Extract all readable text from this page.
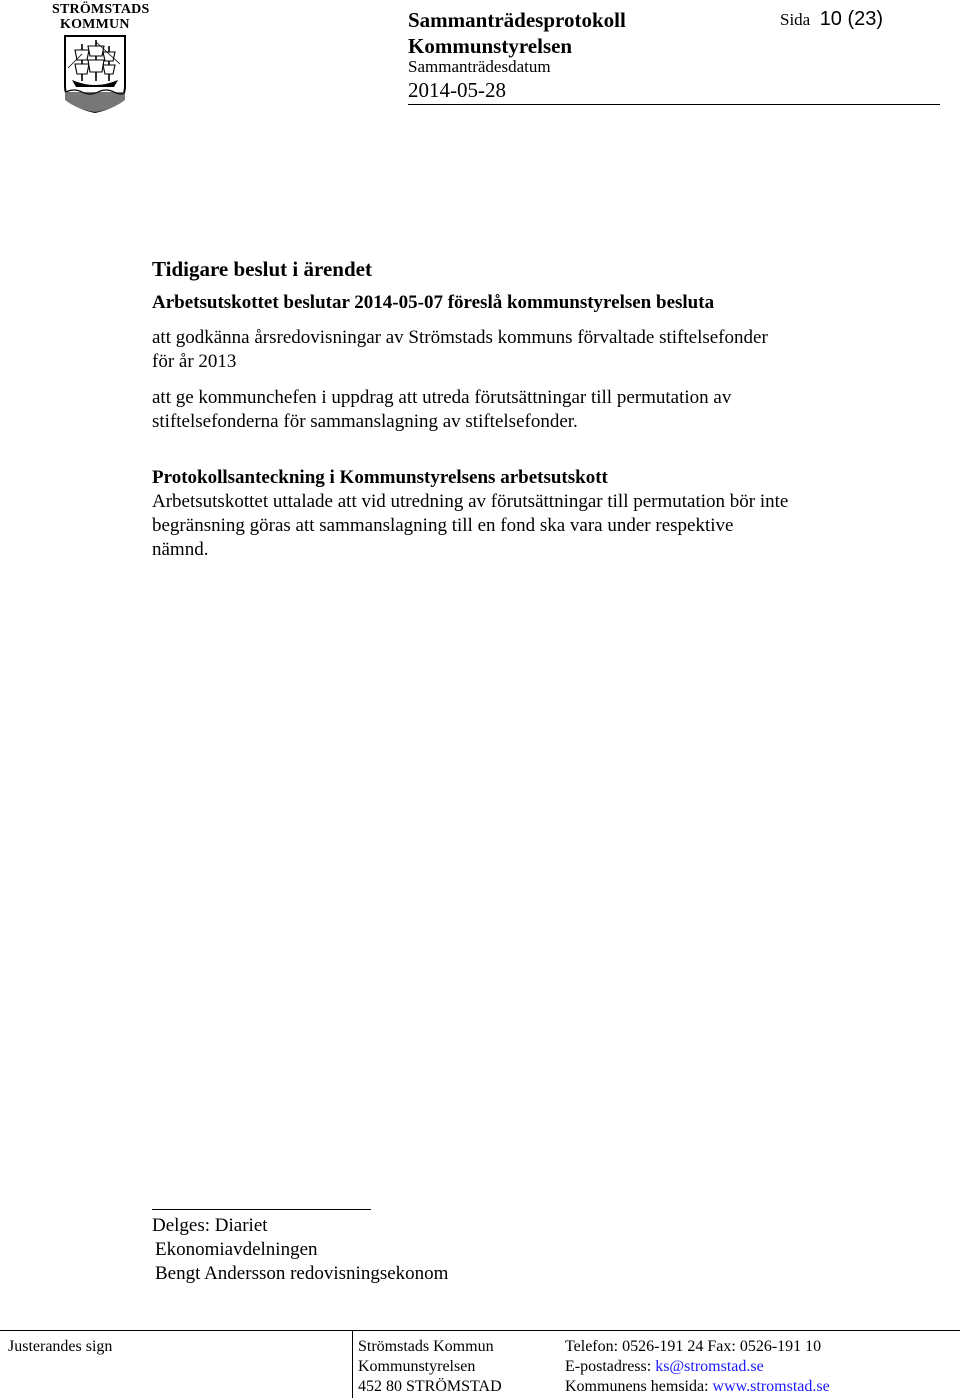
STRÖMSTADS
KOMMUN	Sammanträdesprotokoll
Kommunstyrelsen
Sammanträdesdatum
2014-05-28
Sida 10 (23)
Tidigare beslut i ärendet
Arbetsutskottet beslutar 2014-05-07 föreslå kommunstyrelsen besluta
att godkänna årsredovisningar av Strömstads kommuns förvaltade stiftelsefonder
för år 2013
att ge kommunchefen i uppdrag att utreda förutsättningar till permutation av
stiftelsefonderna för sammanslagning av stiftelsefonder.
Protokollsanteckning i Kommunstyrelsens arbetsutskott
Arbetsutskottet uttalade att vid utredning av förutsättningar till permutation bör inte
begränsning göras att sammanslagning till en fond ska vara under respektive
nämnd.
Delges: Diariet
Ekonomiavdelningen
Bengt Andersson redovisningsekonom
Justerandes sign	Strömstads Kommun
Kommunstyrelsen
452 80 STRÖMSTAD
Telefon: 0526-191 24 Fax: 0526-191 10
E-postadress: ks@stromstad.se
Kommunens hemsida: www.stromstad.se
